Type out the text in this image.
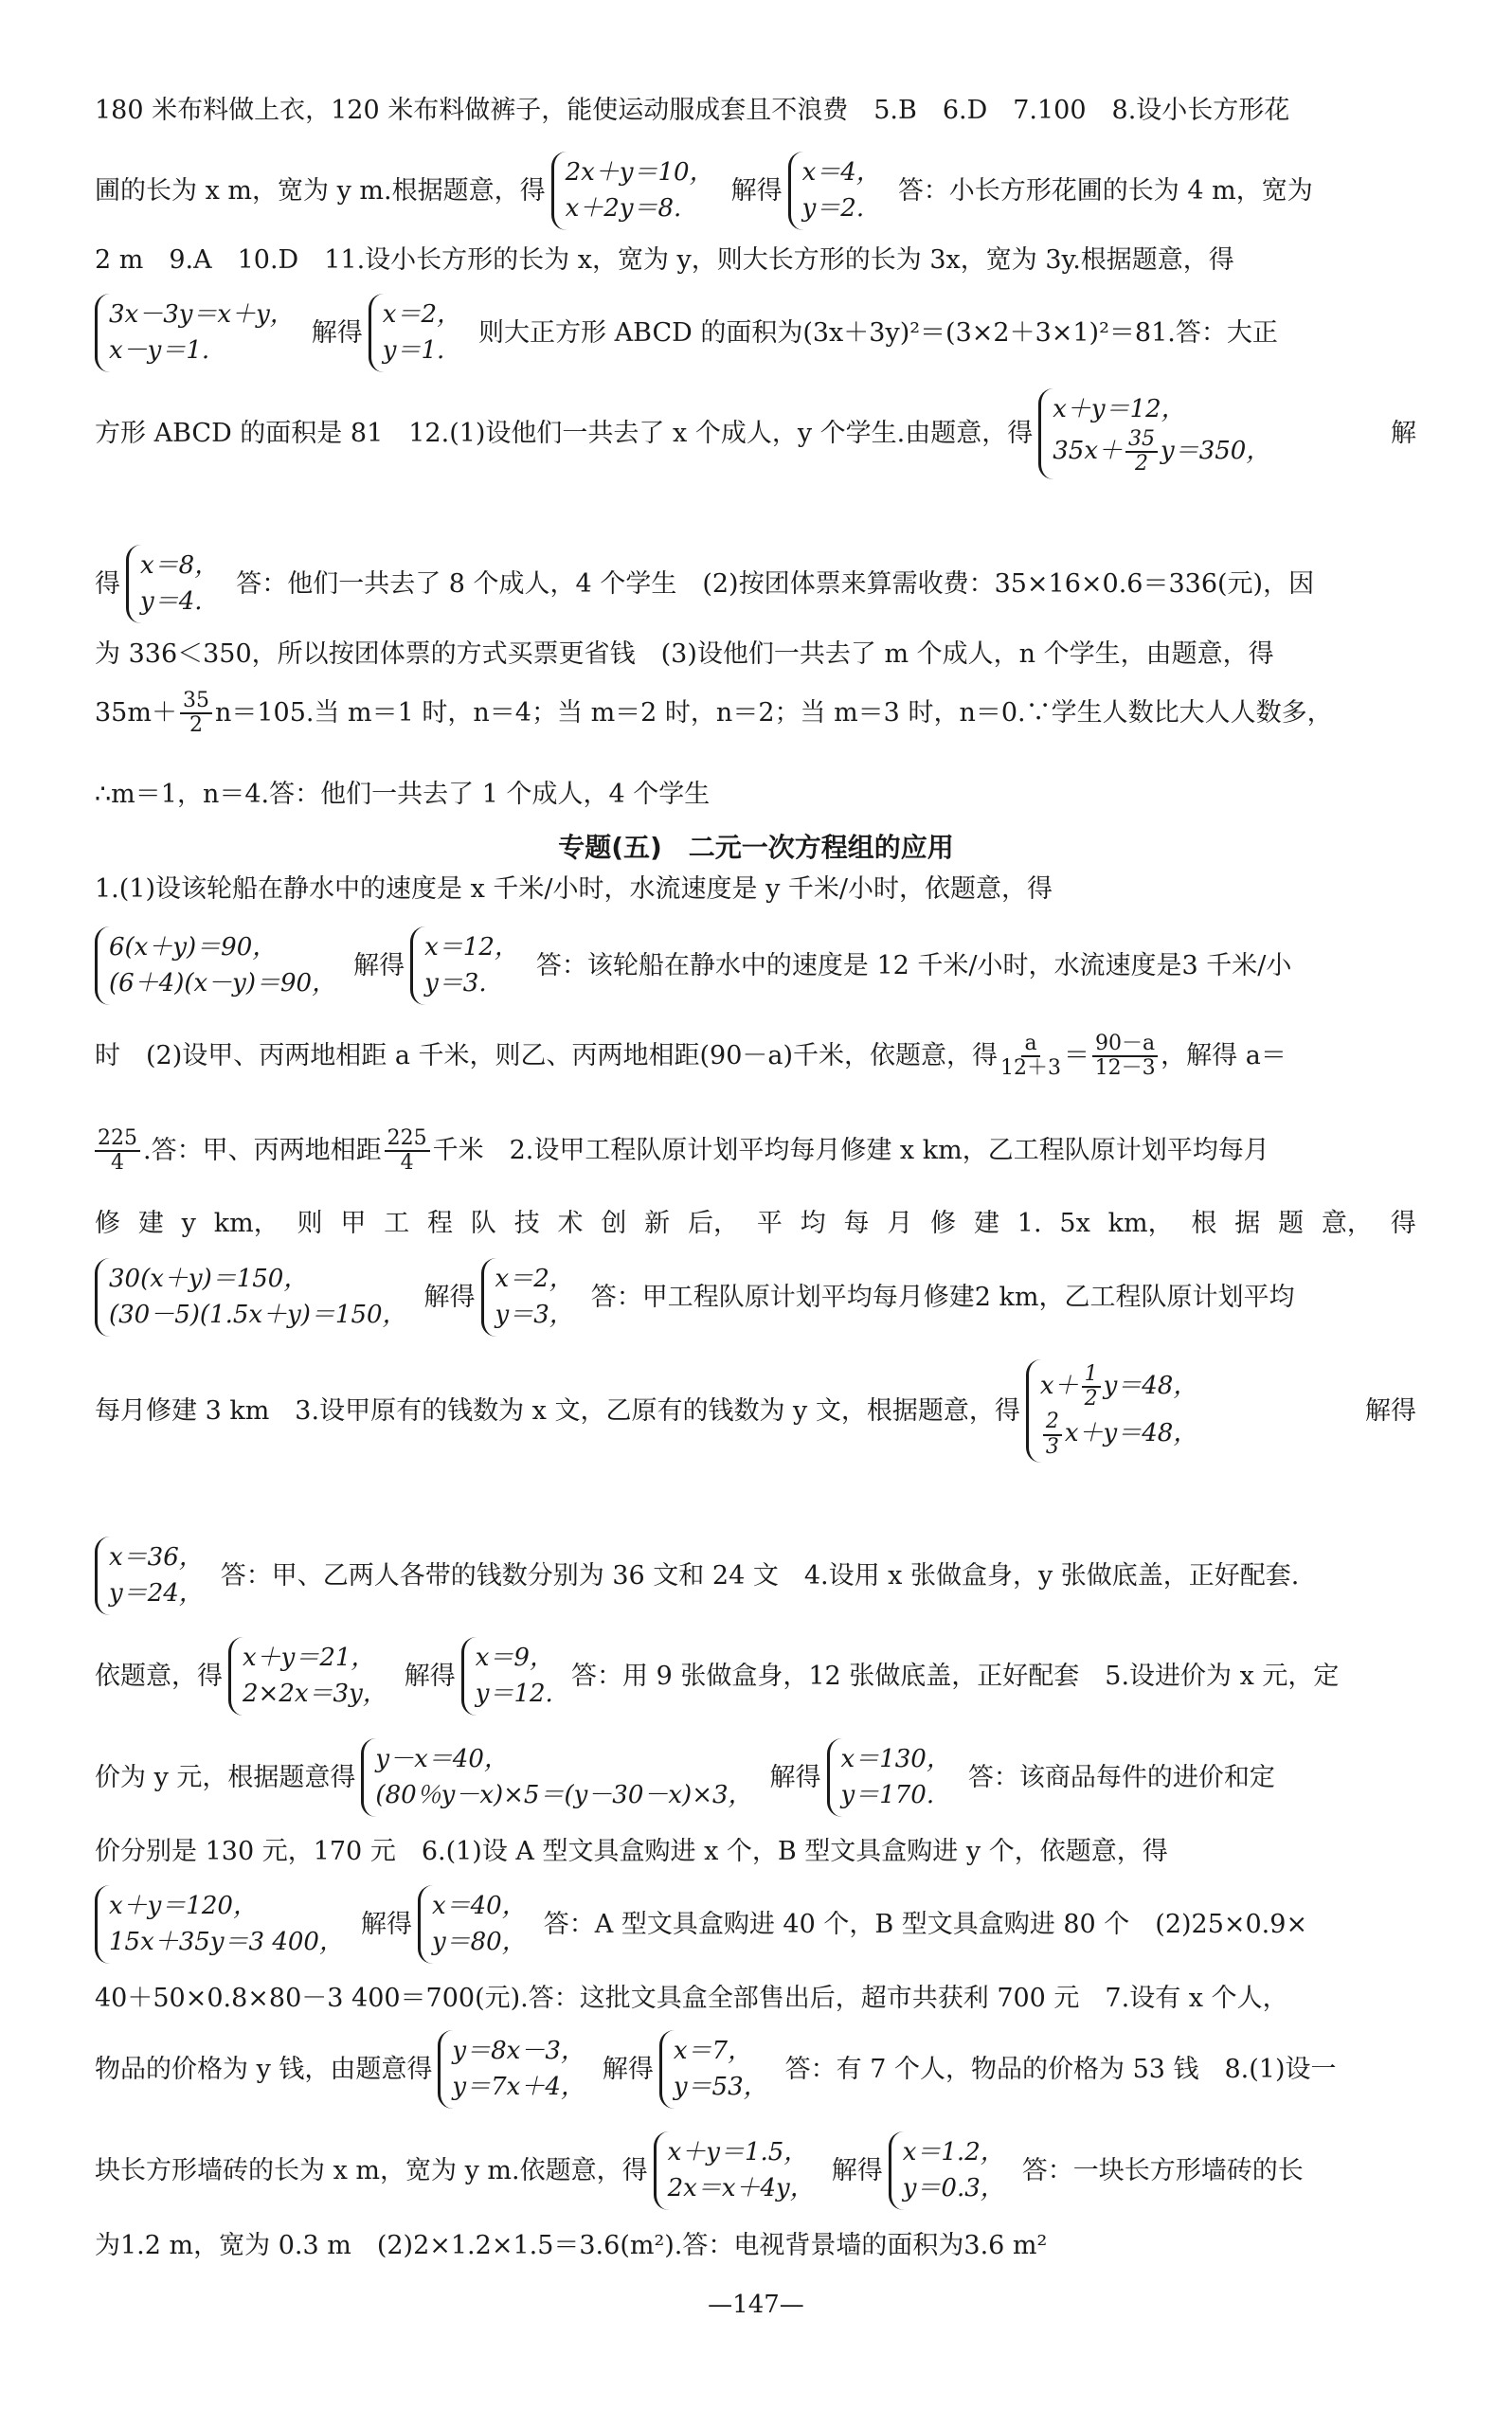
180 米布料做上衣，120 米布料做裤子，能使运动服成套且不浪费　5.B　6.D　7.100　8.设小长方形花
圃的长为 x m，宽为 y m.根据题意，得
2x＋y＝10，
x＋2y＝8.
解得
x＝4，
y＝2.
答：小长方形花圃的长为 4 m，宽为
2 m　9.A　10.D　11.设小长方形的长为 x，宽为 y，则大长方形的长为 3x，宽为 3y.根据题意，得
3x－3y＝x＋y，
x－y＝1.
解得
x＝2，
y＝1.
则大正方形 ABCD 的面积为(3x＋3y)²＝(3×2＋3×1)²＝81.答：大正
方形 ABCD 的面积是 81　12.(1)设他们一共去了 x 个成人，y 个学生.由题意，得
x＋y＝12，
$35x+ \frac{35}{2} y=350$，
解
得
x＝8，
y＝4.
答：他们一共去了 8 个成人，4 个学生　(2)按团体票来算需收费：35×16×0.6＝336(元)，因
为 336＜350，所以按团体票的方式买票更省钱　(3)设他们一共去了 m 个成人，n 个学生，由题意，得
$35m+ \frac{35}{2} n=105$.当 m＝1 时，n＝4；当 m＝2 时，n＝2；当 m＝3 时，n＝0.∵学生人数比大人人数多，
∴m＝1，n＝4.答：他们一共去了 1 个成人，4 个学生
专题(五)　二元一次方程组的应用
1.(1)设该轮船在静水中的速度是 x 千米/小时，水流速度是 y 千米/小时，依题意，得
6(x＋y)＝90，
(6＋4)(x－y)＝90，
解得
x＝12，
y＝3.
答：该轮船在静水中的速度是 12 千米/小时，水流速度是3 千米/小
时　(2)设甲、丙两地相距 a 千米，则乙、丙两地相距(90－a)千米，依题意，得 $\frac{a}{12+3} = \frac{90-a}{12-3}$ ，解得 a＝
$\frac{225}{4}$ .答：甲、丙两地相距 $\frac{225}{4}$ 千米　2.设甲工程队原计划平均每月修建 x km，乙工程队原计划平均每月
修 建 y km， 则 甲 工 程 队 技 术 创 新 后， 平 均 每 月 修 建 1. 5x km， 根 据 题 意， 得
30(x＋y)＝150，
(30－5)(1.5x＋y)＝150，
解得
x＝2，
y＝3，
答：甲工程队原计划平均每月修建2 km，乙工程队原计划平均
每月修建 3 km　3.设甲原有的钱数为 x 文，乙原有的钱数为 y 文，根据题意，得
$x+ \frac{1}{2} y=48$，
$\frac{2}{3} x+y=48$，
解得
x＝36，
y＝24，
答：甲、乙两人各带的钱数分别为 36 文和 24 文　4.设用 x 张做盒身，y 张做底盖，正好配套.
依题意，得
x＋y＝21，
2×2x＝3y，
解得
x＝9，
y＝12.
答：用 9 张做盒身，12 张做底盖，正好配套　5.设进价为 x 元，定
价为 y 元，根据题意得
y－x＝40，
(80％y－x)×5＝(y－30－x)×3，
解得
x＝130，
y＝170.
答：该商品每件的进价和定
价分别是 130 元，170 元　6.(1)设 A 型文具盒购进 x 个，B 型文具盒购进 y 个，依题意，得
x＋y＝120，
15x＋35y＝3 400，
解得
x＝40，
y＝80，
答：A 型文具盒购进 40 个，B 型文具盒购进 80 个　(2)25×0.9×
40＋50×0.8×80－3 400＝700(元).答：这批文具盒全部售出后，超市共获利 700 元　7.设有 x 个人，
物品的价格为 y 钱，由题意得
y＝8x－3，
y＝7x＋4，
解得
x＝7，
y＝53，
答：有 7 个人，物品的价格为 53 钱　8.(1)设一
块长方形墙砖的长为 x m，宽为 y m.依题意，得
x＋y＝1.5，
2x＝x＋4y，
解得
x＝1.2，
y＝0.3，
答：一块长方形墙砖的长
为1.2 m，宽为 0.3 m　(2)2×1.2×1.5＝3.6(m²).答：电视背景墙的面积为3.6 m²
—147—
